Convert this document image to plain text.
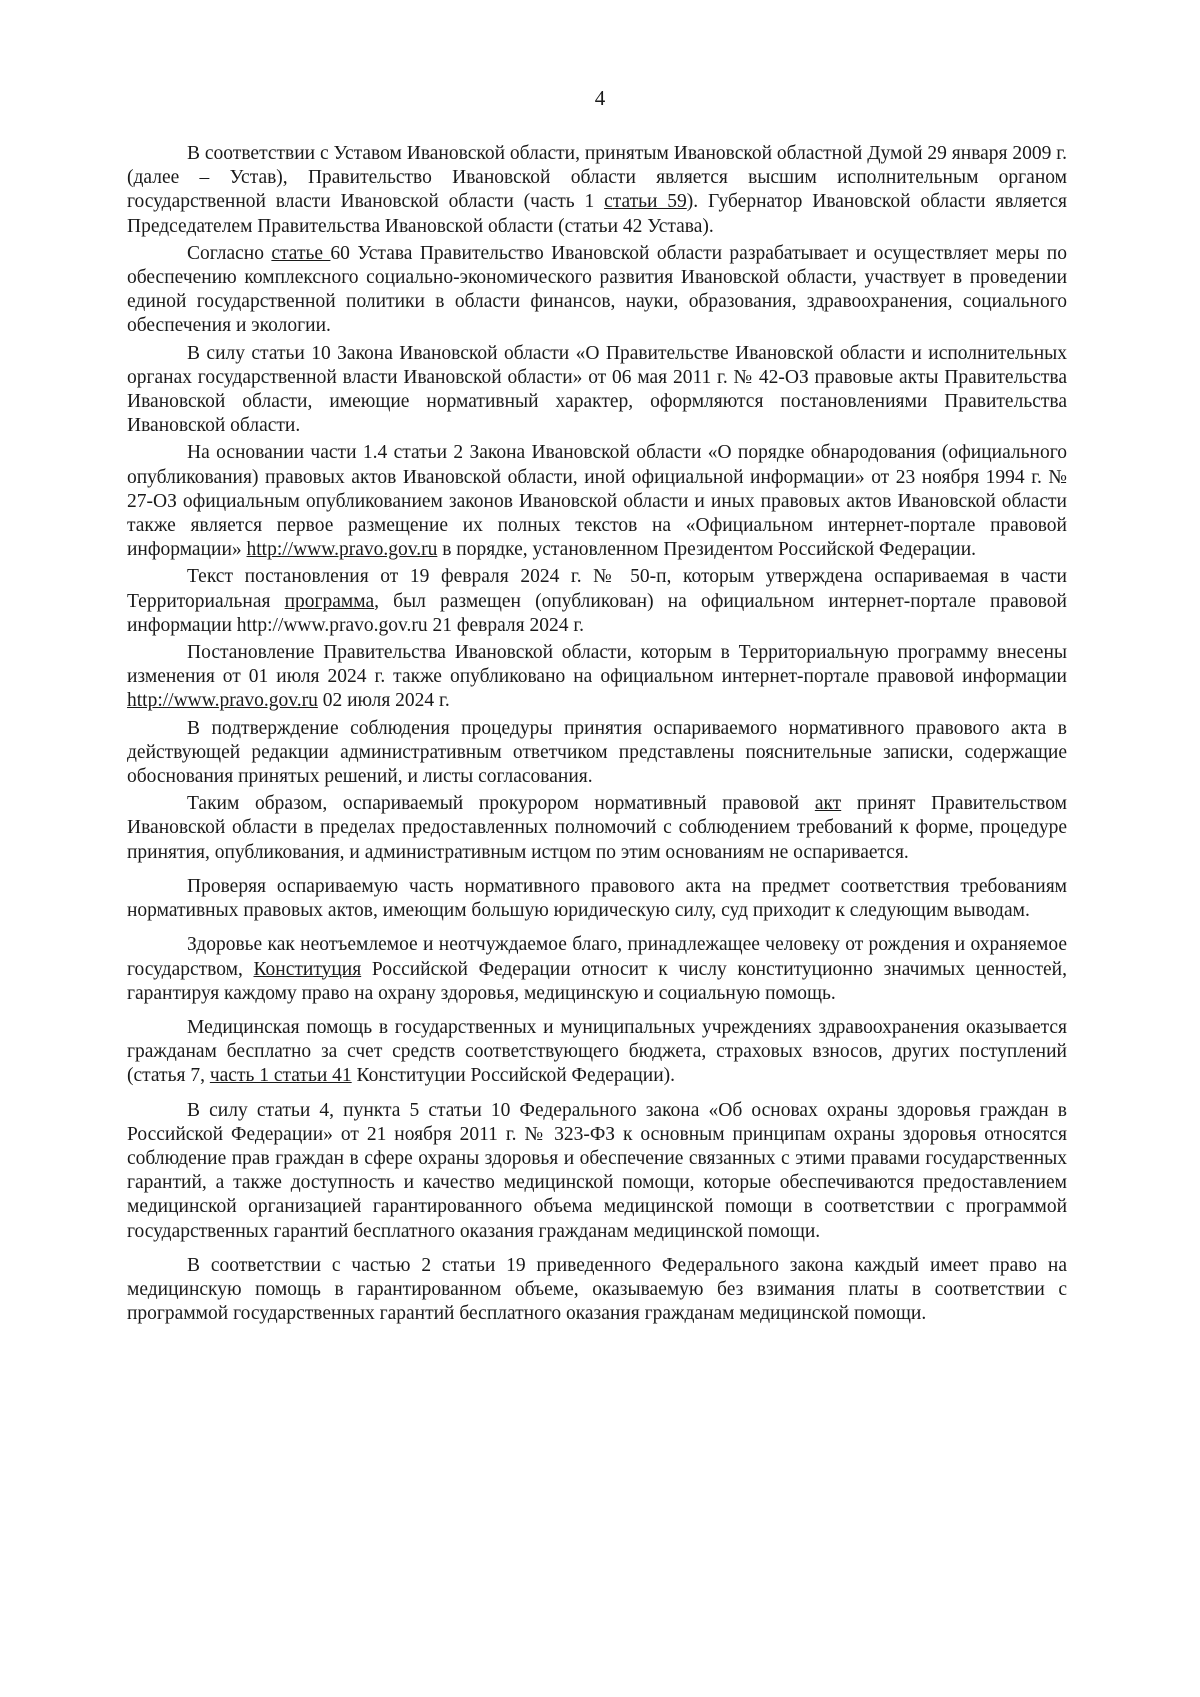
4

В соответствии с Уставом Ивановской области, принятым Ивановской областной Думой 29 января 2009 г. (далее – Устав), Правительство Ивановской области является высшим исполнительным органом государственной власти Ивановской области (часть 1 статьи 59). Губернатор Ивановской области является Председателем Правительства Ивановской области (статьи 42 Устава).

Согласно статье 60 Устава Правительство Ивановской области разрабатывает и осуществляет меры по обеспечению комплексного социально-экономического развития Ивановской области, участвует в проведении единой государственной политики в области финансов, науки, образования, здравоохранения, социального обеспечения и экологии.

В силу статьи 10 Закона Ивановской области «О Правительстве Ивановской области и исполнительных органах государственной власти Ивановской области» от 06 мая 2011 г. № 42-ОЗ правовые акты Правительства Ивановской области, имеющие нормативный характер, оформляются постановлениями Правительства Ивановской области.

На основании части 1.4 статьи 2 Закона Ивановской области «О порядке обнародования (официального опубликования) правовых актов Ивановской области, иной официальной информации» от 23 ноября 1994 г. № 27-ОЗ официальным опубликованием законов Ивановской области и иных правовых актов Ивановской области также является первое размещение их полных текстов на «Официальном интернет-портале правовой информации» http://www.pravo.gov.ru в порядке, установленном Президентом Российской Федерации.

Текст постановления от 19 февраля 2024 г. № 50-п, которым утверждена оспариваемая в части Территориальная программа, был размещен (опубликован) на официальном интернет-портале правовой информации http://www.pravo.gov.ru 21 февраля 2024 г.

Постановление Правительства Ивановской области, которым в Территориальную программу внесены изменения от 01 июля 2024 г. также опубликовано на официальном интернет-портале правовой информации http://www.pravo.gov.ru 02 июля 2024 г.

В подтверждение соблюдения процедуры принятия оспариваемого нормативного правового акта в действующей редакции административным ответчиком представлены пояснительные записки, содержащие обоснования принятых решений, и листы согласования.

Таким образом, оспариваемый прокурором нормативный правовой акт принят Правительством Ивановской области в пределах предоставленных полномочий с соблюдением требований к форме, процедуре принятия, опубликования, и административным истцом по этим основаниям не оспаривается.

Проверяя оспариваемую часть нормативного правового акта на предмет соответствия требованиям нормативных правовых актов, имеющим большую юридическую силу, суд приходит к следующим выводам.

Здоровье как неотъемлемое и неотчуждаемое благо, принадлежащее человеку от рождения и охраняемое государством, Конституция Российской Федерации относит к числу конституционно значимых ценностей, гарантируя каждому право на охрану здоровья, медицинскую и социальную помощь.

Медицинская помощь в государственных и муниципальных учреждениях здравоохранения оказывается гражданам бесплатно за счет средств соответствующего бюджета, страховых взносов, других поступлений (статья 7, часть 1 статьи 41 Конституции Российской Федерации).

В силу статьи 4, пункта 5 статьи 10 Федерального закона «Об основах охраны здоровья граждан в Российской Федерации» от 21 ноября 2011 г. № 323-ФЗ к основным принципам охраны здоровья относятся соблюдение прав граждан в сфере охраны здоровья и обеспечение связанных с этими правами государственных гарантий, а также доступность и качество медицинской помощи, которые обеспечиваются предоставлением медицинской организацией гарантированного объема медицинской помощи в соответствии с программой государственных гарантий бесплатного оказания гражданам медицинской помощи.

В соответствии с частью 2 статьи 19 приведенного Федерального закона каждый имеет право на медицинскую помощь в гарантированном объеме, оказываемую без взимания платы в соответствии с программой государственных гарантий бесплатного оказания гражданам медицинской помощи.
